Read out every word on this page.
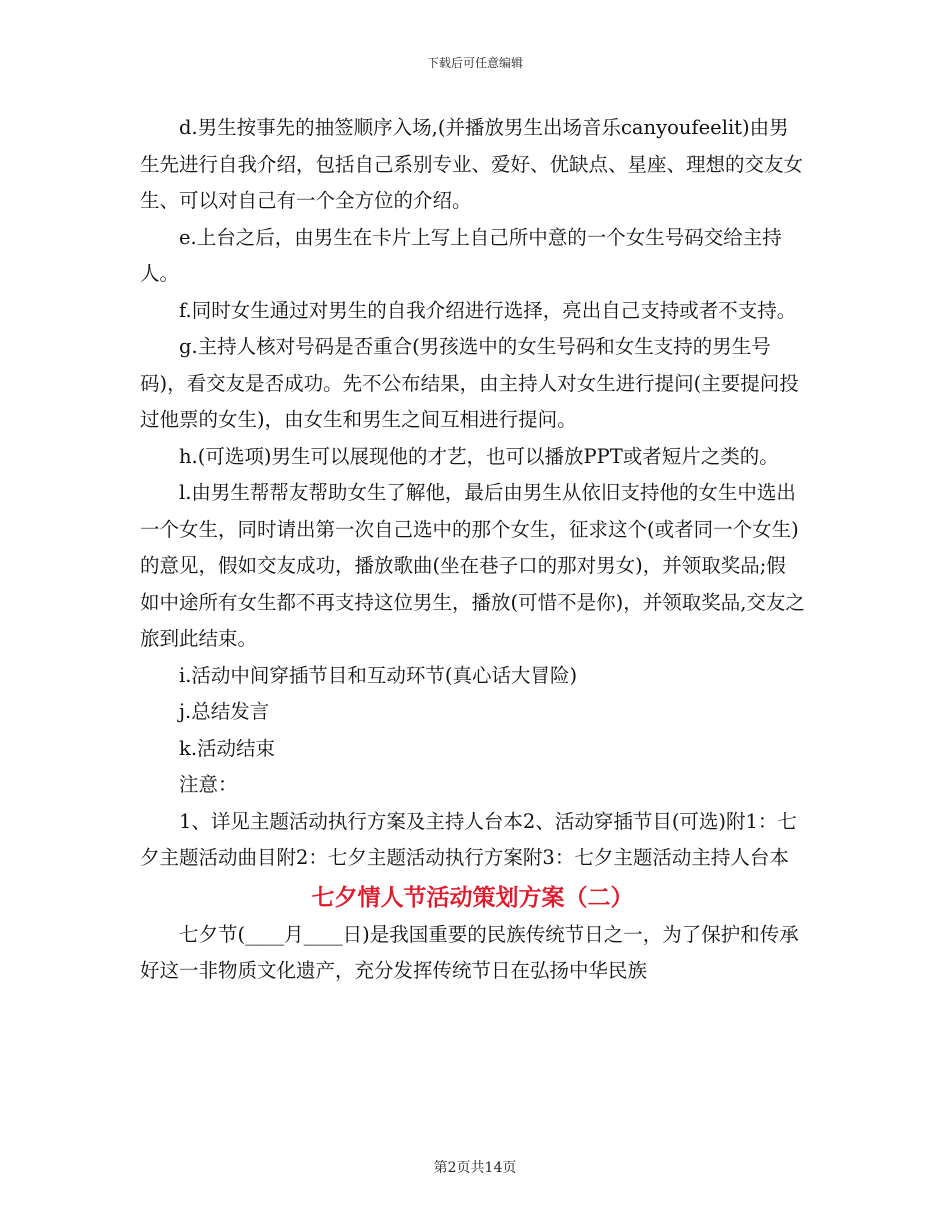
下载后可任意编辑

d.男生按事先的抽签顺序入场,(并播放男生出场音乐canyoufeelit)由男生先进行自我介绍，包括自己系别专业、爱好、优缺点、星座、理想的交友女生、可以对自己有一个全方位的介绍。

e.上台之后，由男生在卡片上写上自己所中意的一个女生号码交给主持人。

f.同时女生通过对男生的自我介绍进行选择，亮出自己支持或者不支持。

g.主持人核对号码是否重合(男孩选中的女生号码和女生支持的男生号码)，看交友是否成功。先不公布结果，由主持人对女生进行提问(主要提问投过他票的女生)，由女生和男生之间互相进行提问。

h.(可选项)男生可以展现他的才艺，也可以播放PPT或者短片之类的。

l.由男生帮帮友帮助女生了解他，最后由男生从依旧支持他的女生中选出一个女生，同时请出第一次自己选中的那个女生，征求这个(或者同一个女生)的意见，假如交友成功，播放歌曲(坐在巷子口的那对男女)，并领取奖品;假如中途所有女生都不再支持这位男生，播放(可惜不是你)，并领取奖品,交友之旅到此结束。

i.活动中间穿插节目和互动环节(真心话大冒险)

j.总结发言

k.活动结束

注意：

1、详见主题活动执行方案及主持人台本2、活动穿插节目(可选)附1：七夕主题活动曲目附2：七夕主题活动执行方案附3：七夕主题活动主持人台本

七夕情人节活动策划方案（二）

七夕节(____月____日)是我国重要的民族传统节日之一，为了保护和传承好这一非物质文化遗产，充分发挥传统节日在弘扬中华民族

第2页共14页
